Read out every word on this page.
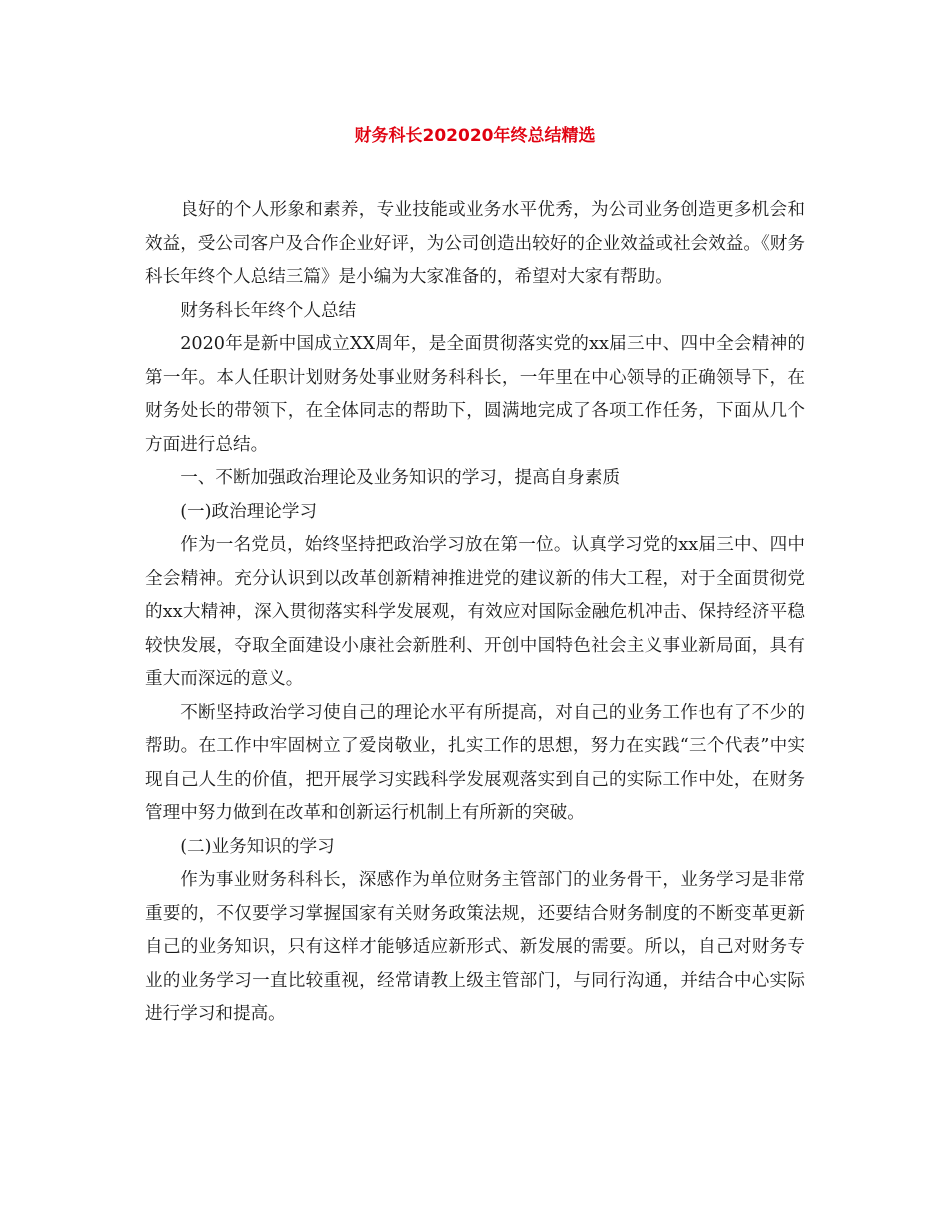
财务科长202020年终总结精选

良好的个人形象和素养，专业技能或业务水平优秀，为公司业务创造更多机会和效益，受公司客户及合作企业好评，为公司创造出较好的企业效益或社会效益。《财务科长年终个人总结三篇》是小编为大家准备的，希望对大家有帮助。

财务科长年终个人总结

2020年是新中国成立XX周年，是全面贯彻落实党的xx届三中、四中全会精神的第一年。本人任职计划财务处事业财务科科长，一年里在中心领导的正确领导下，在财务处长的带领下，在全体同志的帮助下，圆满地完成了各项工作任务，下面从几个方面进行总结。

一、不断加强政治理论及业务知识的学习，提高自身素质

(一)政治理论学习

作为一名党员，始终坚持把政治学习放在第一位。认真学习党的xx届三中、四中全会精神。充分认识到以改革创新精神推进党的建议新的伟大工程，对于全面贯彻党的xx大精神，深入贯彻落实科学发展观，有效应对国际金融危机冲击、保持经济平稳较快发展，夺取全面建设小康社会新胜利、开创中国特色社会主义事业新局面，具有重大而深远的意义。

不断坚持政治学习使自己的理论水平有所提高，对自己的业务工作也有了不少的帮助。在工作中牢固树立了爱岗敬业，扎实工作的思想，努力在实践“三个代表”中实现自己人生的价值，把开展学习实践科学发展观落实到自己的实际工作中处，在财务管理中努力做到在改革和创新运行机制上有所新的突破。

(二)业务知识的学习

作为事业财务科科长，深感作为单位财务主管部门的业务骨干，业务学习是非常重要的，不仅要学习掌握国家有关财务政策法规，还要结合财务制度的不断变革更新自己的业务知识，只有这样才能够适应新形式、新发展的需要。所以，自己对财务专业的业务学习一直比较重视，经常请教上级主管部门，与同行沟通，并结合中心实际进行学习和提高。
